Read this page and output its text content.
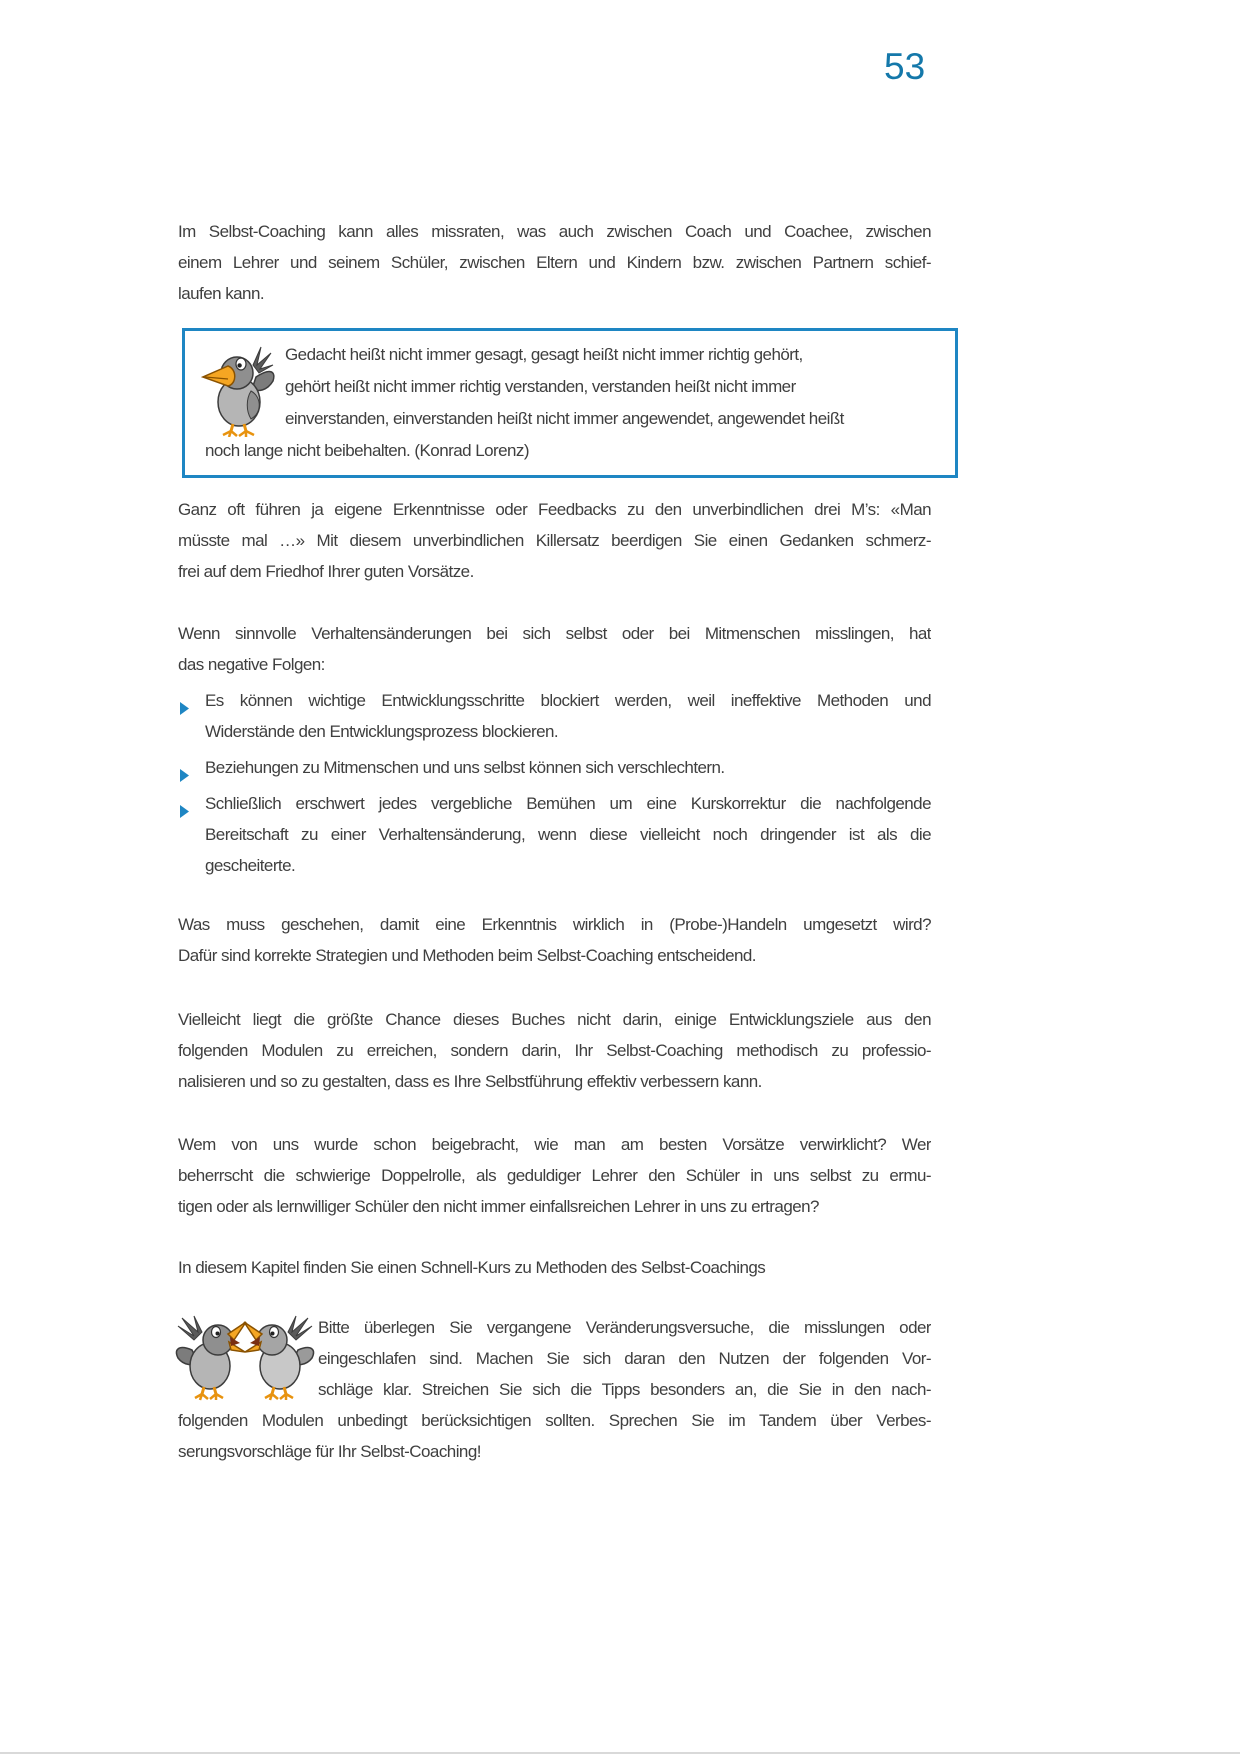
53
Im Selbst-Coaching kann alles missraten, was auch zwischen Coach und Coachee, zwischen
einem Lehrer und seinem Schüler, zwischen Eltern und Kindern bzw. zwischen Partnern schief-
laufen kann.
Gedacht heißt nicht immer gesagt, gesagt heißt nicht immer richtig gehört,
gehört heißt nicht immer richtig verstanden, verstanden heißt nicht immer
einverstanden, einverstanden heißt nicht immer angewendet, angewendet heißt
noch lange nicht beibehalten. (Konrad Lorenz)
Ganz oft führen ja eigene Erkenntnisse oder Feedbacks zu den unverbindlichen drei M’s: «Man
müsste mal …» Mit diesem unverbindlichen Killersatz beerdigen Sie einen Gedanken schmerz-
frei auf dem Friedhof Ihrer guten Vorsätze.
Wenn sinnvolle Verhaltensänderungen bei sich selbst oder bei Mitmenschen misslingen, hat
das negative Folgen:
Es können wichtige Entwicklungsschritte blockiert werden, weil ineffektive Methoden und
Widerstände den Entwicklungsprozess blockieren.
Beziehungen zu Mitmenschen und uns selbst können sich verschlechtern.
Schließlich erschwert jedes vergebliche Bemühen um eine Kurskorrektur die nachfolgende
Bereitschaft zu einer Verhaltensänderung, wenn diese vielleicht noch dringender ist als die
gescheiterte.
Was muss geschehen, damit eine Erkenntnis wirklich in (Probe-)Handeln umgesetzt wird?
Dafür sind korrekte Strategien und Methoden beim Selbst-Coaching entscheidend.
Vielleicht liegt die größte Chance dieses Buches nicht darin, einige Entwicklungsziele aus den
folgenden Modulen zu erreichen, sondern darin, Ihr Selbst-Coaching methodisch zu professio-
nalisieren und so zu gestalten, dass es Ihre Selbstführung effektiv verbessern kann.
Wem von uns wurde schon beigebracht, wie man am besten Vorsätze verwirklicht? Wer
beherrscht die schwierige Doppelrolle, als geduldiger Lehrer den Schüler in uns selbst zu ermu-
tigen oder als lernwilliger Schüler den nicht immer einfallsreichen Lehrer in uns zu ertragen?
In diesem Kapitel finden Sie einen Schnell-Kurs zu Methoden des Selbst-Coachings
Bitte überlegen Sie vergangene Veränderungsversuche, die misslungen oder
eingeschlafen sind. Machen Sie sich daran den Nutzen der folgenden Vor-
schläge klar. Streichen Sie sich die Tipps besonders an, die Sie in den nach-
folgenden Modulen unbedingt berücksichtigen sollten. Sprechen Sie im Tandem über Verbes-
serungsvorschläge für Ihr Selbst-Coaching!
